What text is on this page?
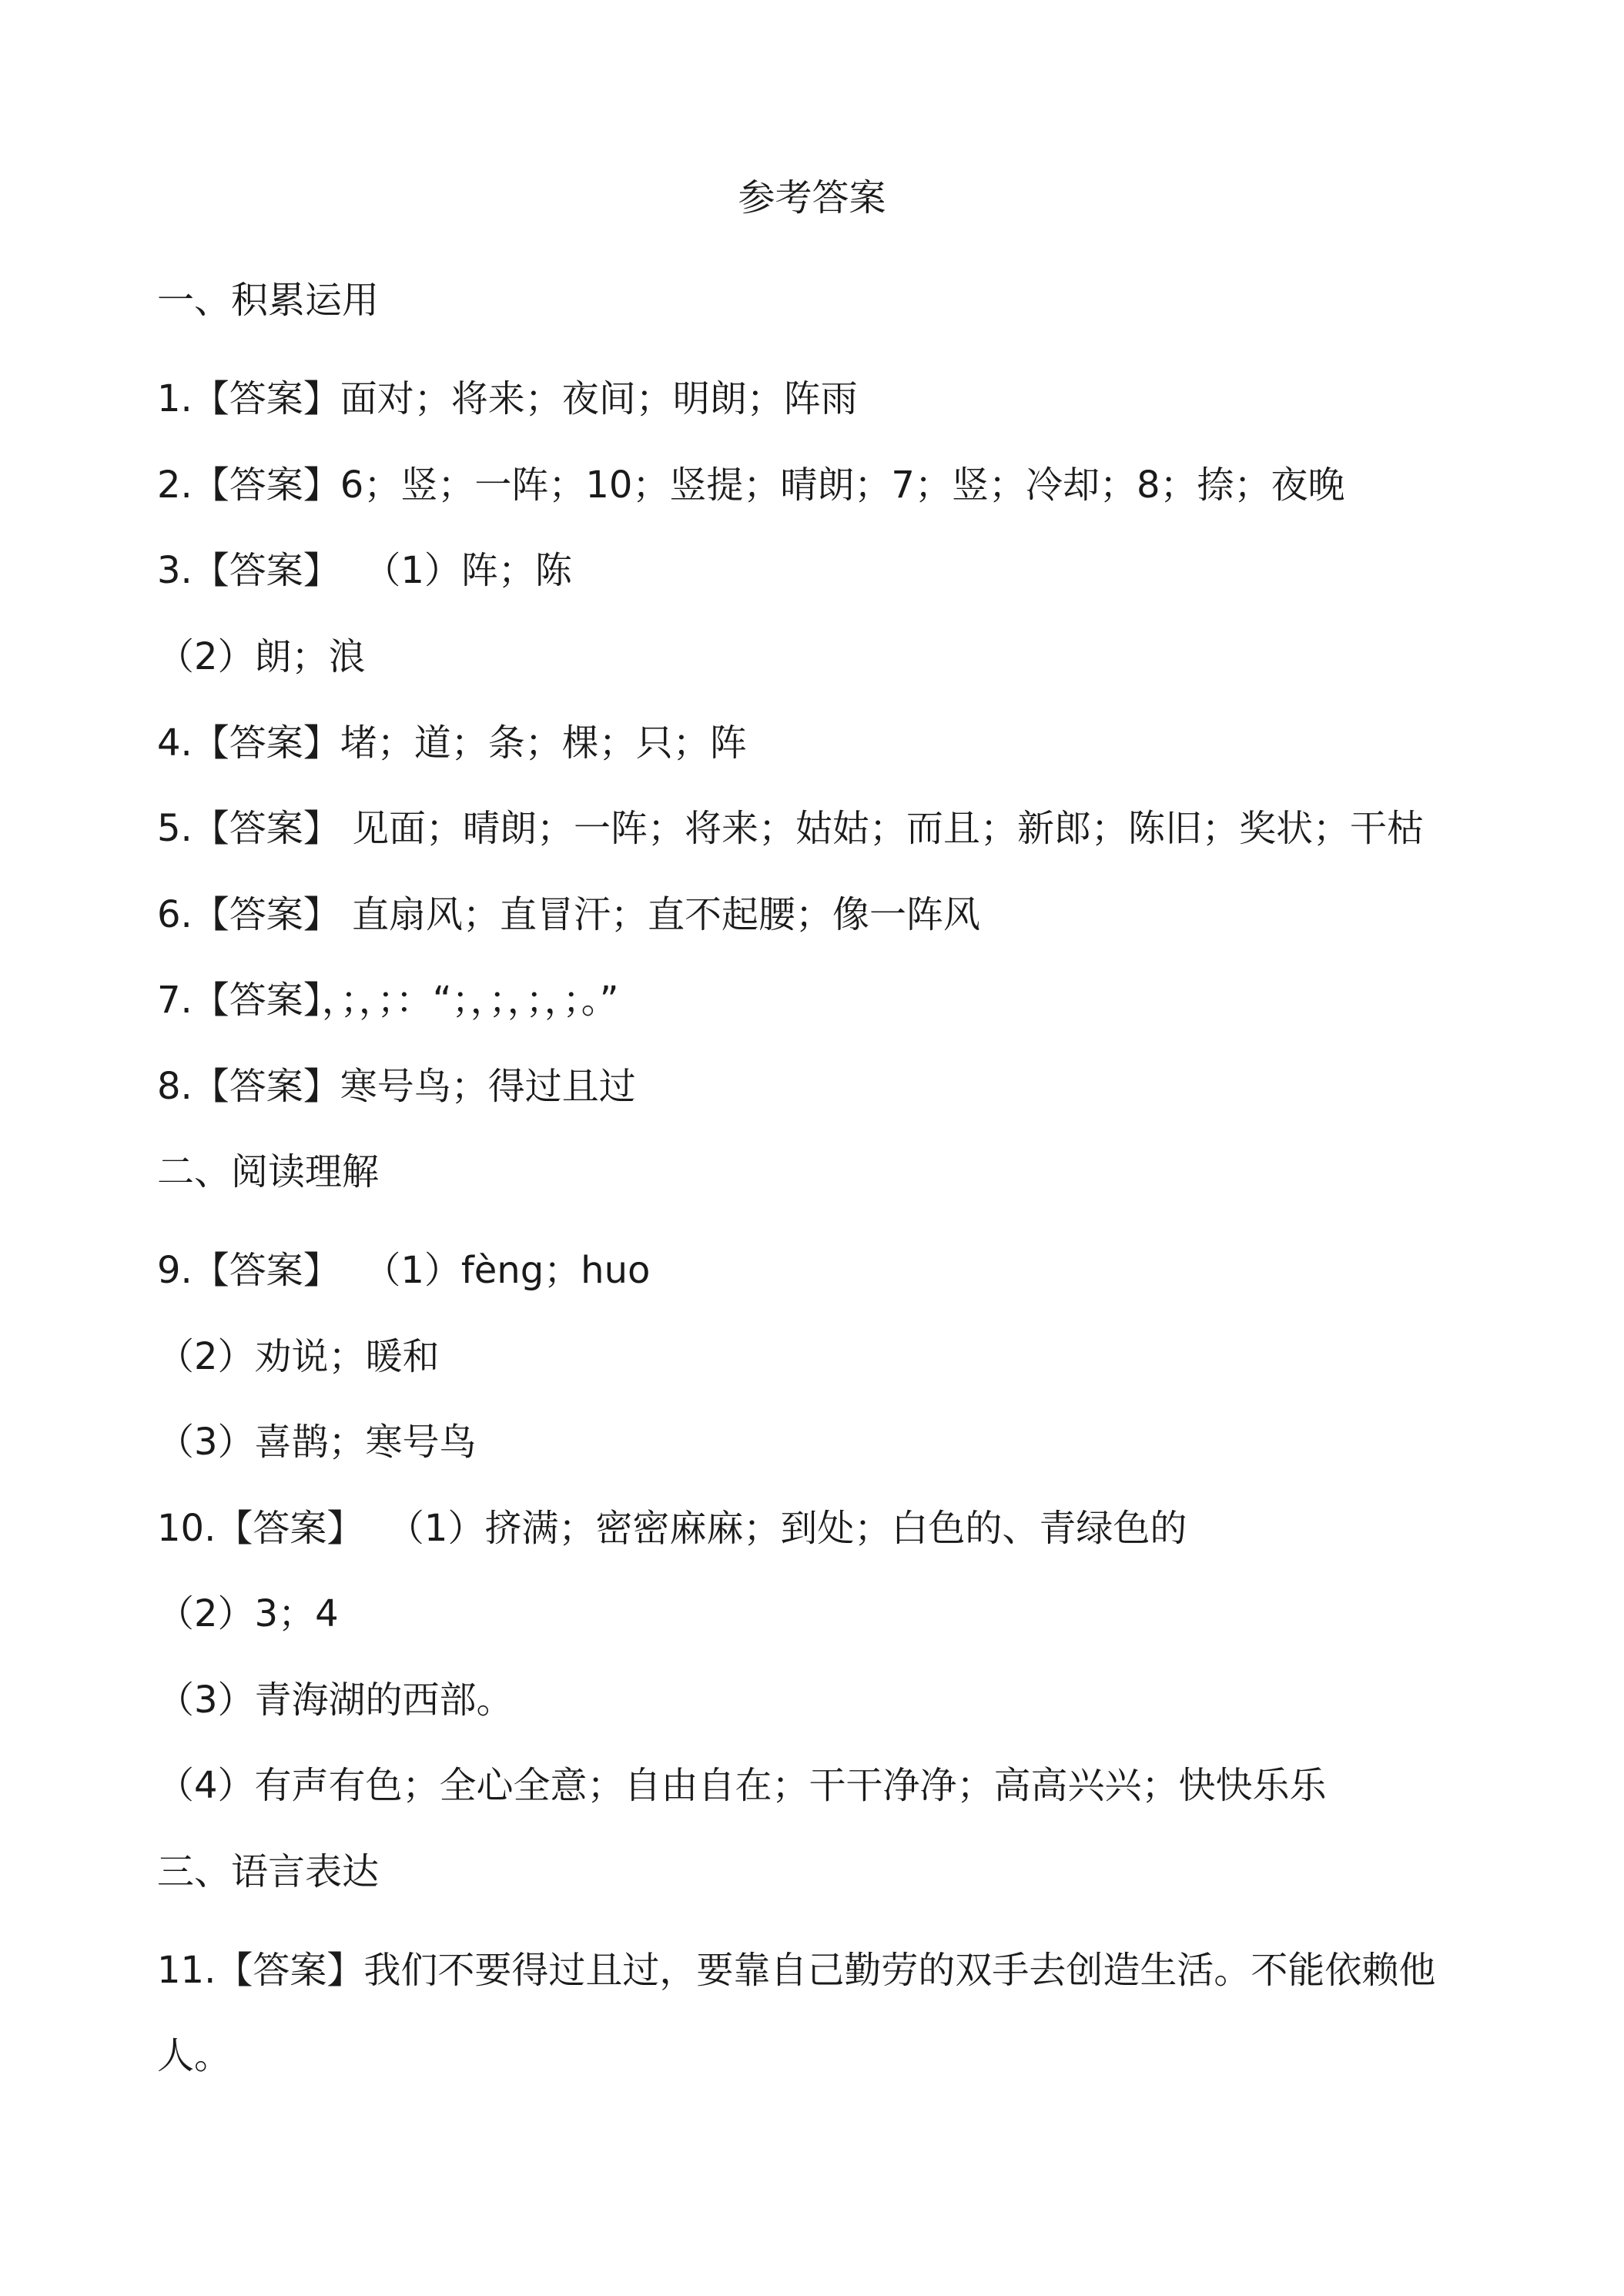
参考答案
一、积累运用
1.【答案】面对；将来；夜间；明朗；阵雨
2.【答案】6；竖；一阵；10；竖提；晴朗；7；竖；冷却；8；捺；夜晚
3.【答案】  （1）阵；陈
（2）朗；浪
4.【答案】堵；道；条；棵；只；阵
5.【答案】 见面；晴朗；一阵；将来；姑姑；而且；新郎；陈旧；奖状；干枯
6.【答案】 直扇风；直冒汗；直不起腰；像一阵风
7.【答案】，；，；：“；，；，；，；。”
8.【答案】寒号鸟；得过且过
二、阅读理解
9.【答案】  （1）fèng；huo
（2）劝说；暖和
（3）喜鹊；寒号鸟
10.【答案】  （1）挤满；密密麻麻；到处；白色的、青绿色的
（2）3；4
（3）青海湖的西部。
（4）有声有色；全心全意；自由自在；干干净净；高高兴兴；快快乐乐
三、语言表达
11.【答案】我们不要得过且过，要靠自己勤劳的双手去创造生活。不能依赖他
人。
